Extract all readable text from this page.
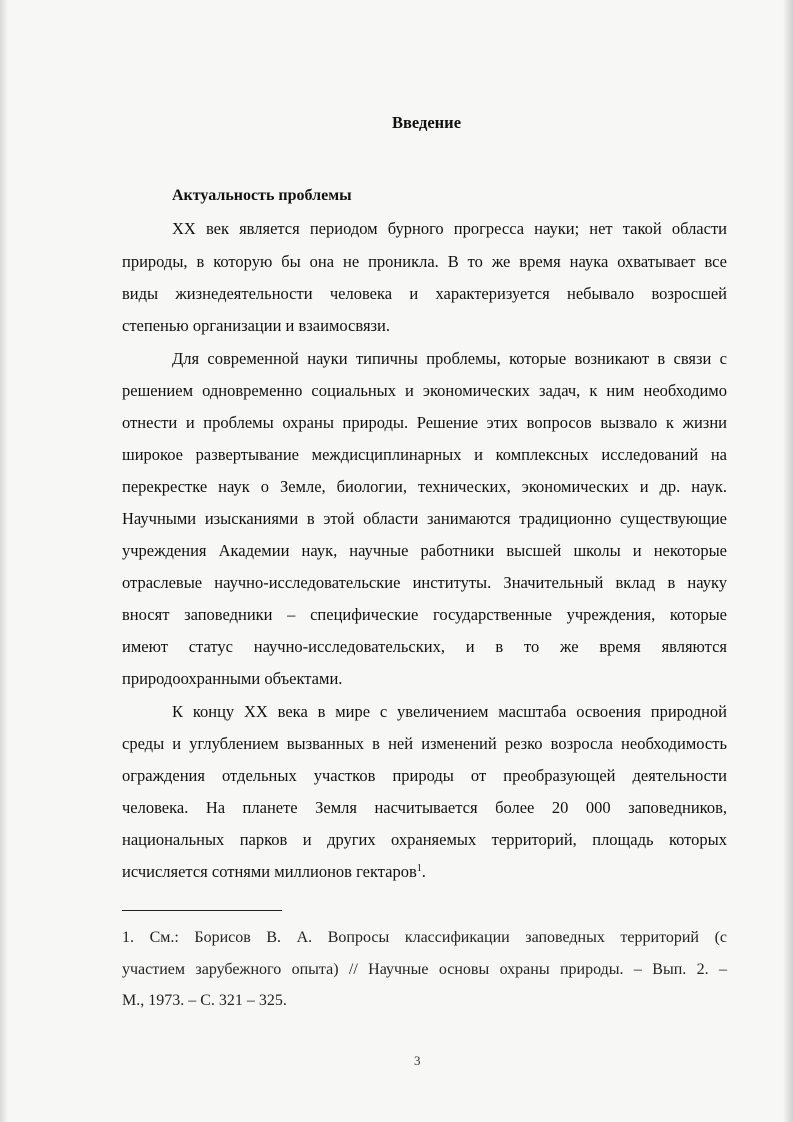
Введение
Актуальность проблемы
XX век является периодом бурного прогресса науки; нет такой области
природы, в которую бы она не проникла. В то же время наука охватывает все
виды жизнедеятельности человека и характеризуется небывало возросшей
степенью организации и взаимосвязи.
Для современной науки типичны проблемы, которые возникают в связи с
решением одновременно социальных и экономических задач, к ним необходимо
отнести и проблемы охраны природы. Решение этих вопросов вызвало к жизни
широкое развертывание междисциплинарных и комплексных исследований на
перекрестке наук о Земле, биологии, технических, экономических и др. наук.
Научными изысканиями в этой области занимаются традиционно существующие
учреждения Академии наук, научные работники высшей школы и некоторые
отраслевые научно-исследовательские институты. Значительный вклад в науку
вносят заповедники – специфические государственные учреждения, которые
имеют статус научно-исследовательских, и в то же время являются
природоохранными объектами.
К концу XX века в мире с увеличением масштаба освоения природной
среды и углублением вызванных в ней изменений резко возросла необходимость
ограждения отдельных участков природы от преобразующей деятельности
человека. На планете Земля насчитывается более 20 000 заповедников,
национальных парков и других охраняемых территорий, площадь которых
исчисляется сотнями миллионов гектаров$^1$.
1. См.: Борисов В. А. Вопросы классификации заповедных территорий (с
участием зарубежного опыта) // Научные основы охраны природы. – Вып. 2. –
М., 1973. – С. 321 – 325.
3
